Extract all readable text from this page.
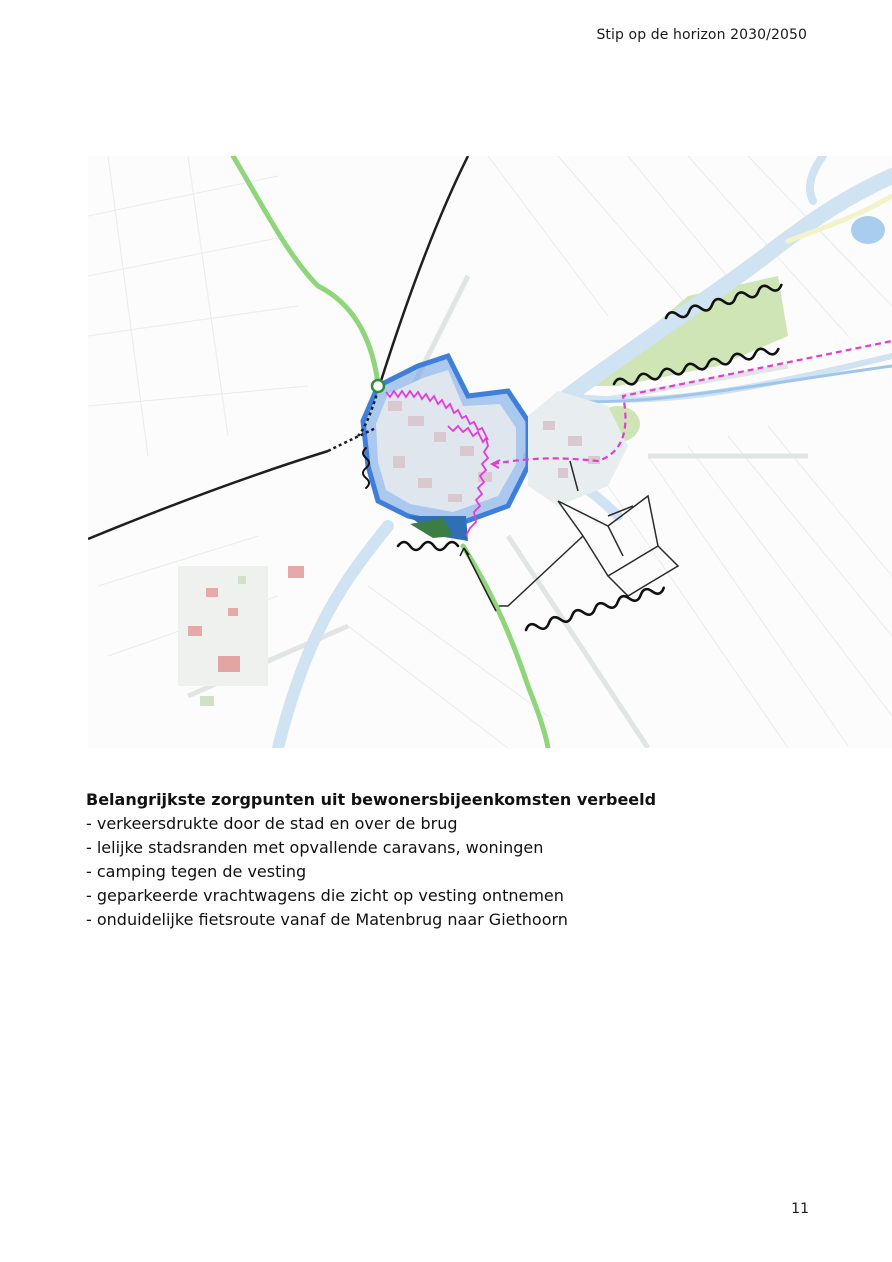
Stip op de horizon 2030/2050
Belangrijkste zorgpunten uit bewonersbijeenkomsten verbeeld
- verkeersdrukte door de stad en over de brug
- lelijke stadsranden met opvallende caravans, woningen
- camping tegen de vesting
- geparkeerde vrachtwagens die zicht op vesting ontnemen
- onduidelijke fietsroute vanaf de Matenbrug naar Giethoorn
11
